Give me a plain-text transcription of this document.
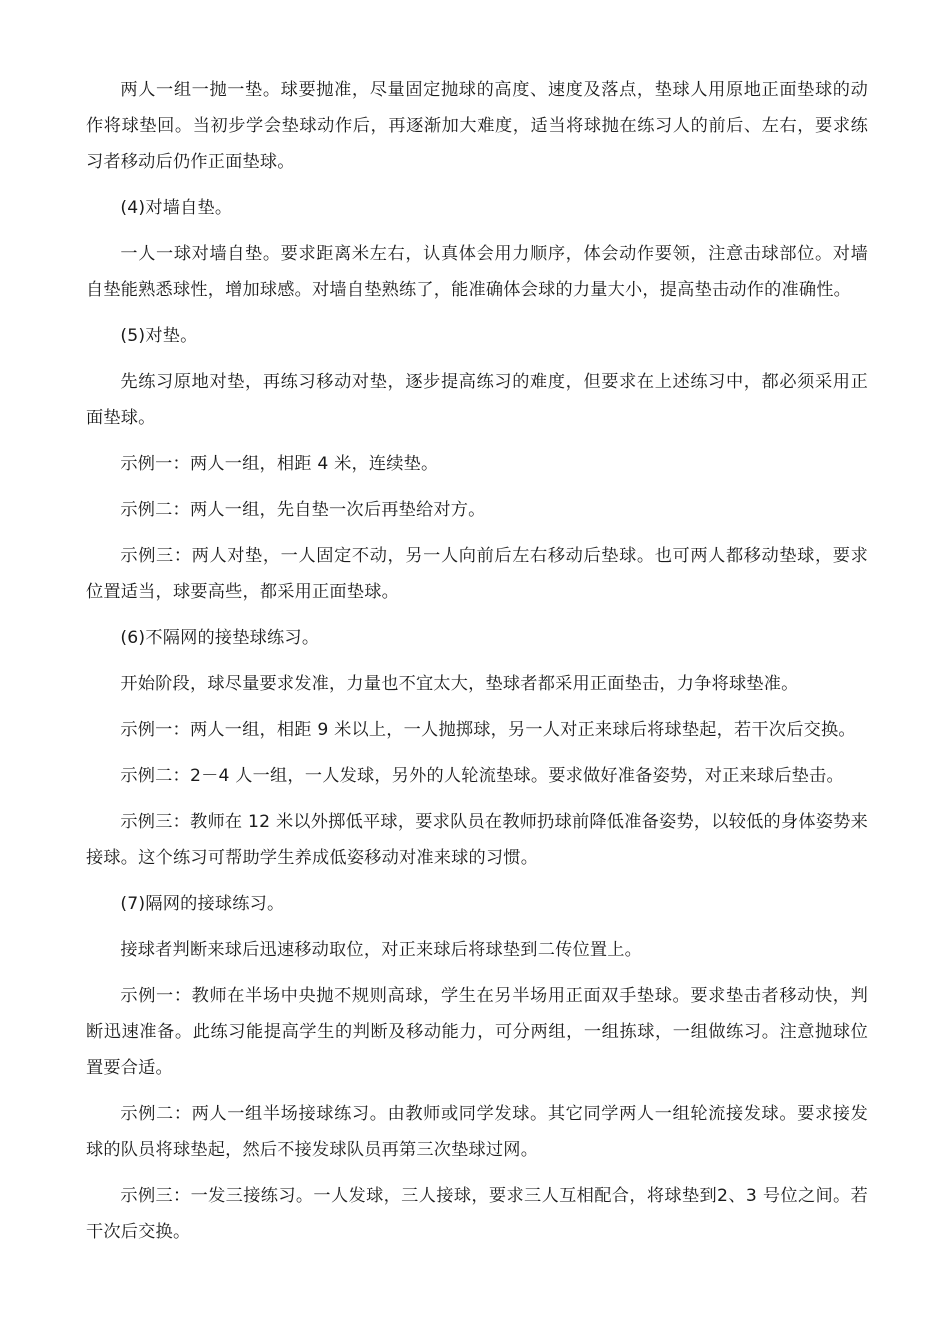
两人一组一抛一垫。球要抛准，尽量固定抛球的高度、速度及落点，垫球人用原地正面垫球的动作将球垫回。当初步学会垫球动作后，再逐渐加大难度，适当将球抛在练习人的前后、左右，要求练习者移动后仍作正面垫球。

(4)对墙自垫。

一人一球对墙自垫。要求距离米左右，认真体会用力顺序，体会动作要领，注意击球部位。对墙自垫能熟悉球性，增加球感。对墙自垫熟练了，能准确体会球的力量大小，提高垫击动作的准确性。

(5)对垫。

先练习原地对垫，再练习移动对垫，逐步提高练习的难度，但要求在上述练习中，都必须采用正面垫球。

示例一：两人一组，相距 4 米，连续垫。

示例二：两人一组，先自垫一次后再垫给对方。

示例三：两人对垫，一人固定不动，另一人向前后左右移动后垫球。也可两人都移动垫球，要求位置适当，球要高些，都采用正面垫球。

(6)不隔网的接垫球练习。

开始阶段，球尽量要求发准，力量也不宜太大，垫球者都采用正面垫击，力争将球垫准。

示例一：两人一组，相距 9 米以上，一人抛掷球，另一人对正来球后将球垫起，若干次后交换。

示例二：2－4 人一组，一人发球，另外的人轮流垫球。要求做好准备姿势，对正来球后垫击。

示例三：教师在 12 米以外掷低平球，要求队员在教师扔球前降低准备姿势，以较低的身体姿势来接球。这个练习可帮助学生养成低姿移动对准来球的习惯。

(7)隔网的接球练习。

接球者判断来球后迅速移动取位，对正来球后将球垫到二传位置上。

示例一：教师在半场中央抛不规则高球，学生在另半场用正面双手垫球。要求垫击者移动快，判断迅速准备。此练习能提高学生的判断及移动能力，可分两组，一组拣球，一组做练习。注意抛球位置要合适。

示例二：两人一组半场接球练习。由教师或同学发球。其它同学两人一组轮流接发球。要求接发球的队员将球垫起，然后不接发球队员再第三次垫球过网。

示例三：一发三接练习。一人发球，三人接球，要求三人互相配合，将球垫到2、3 号位之间。若干次后交换。
